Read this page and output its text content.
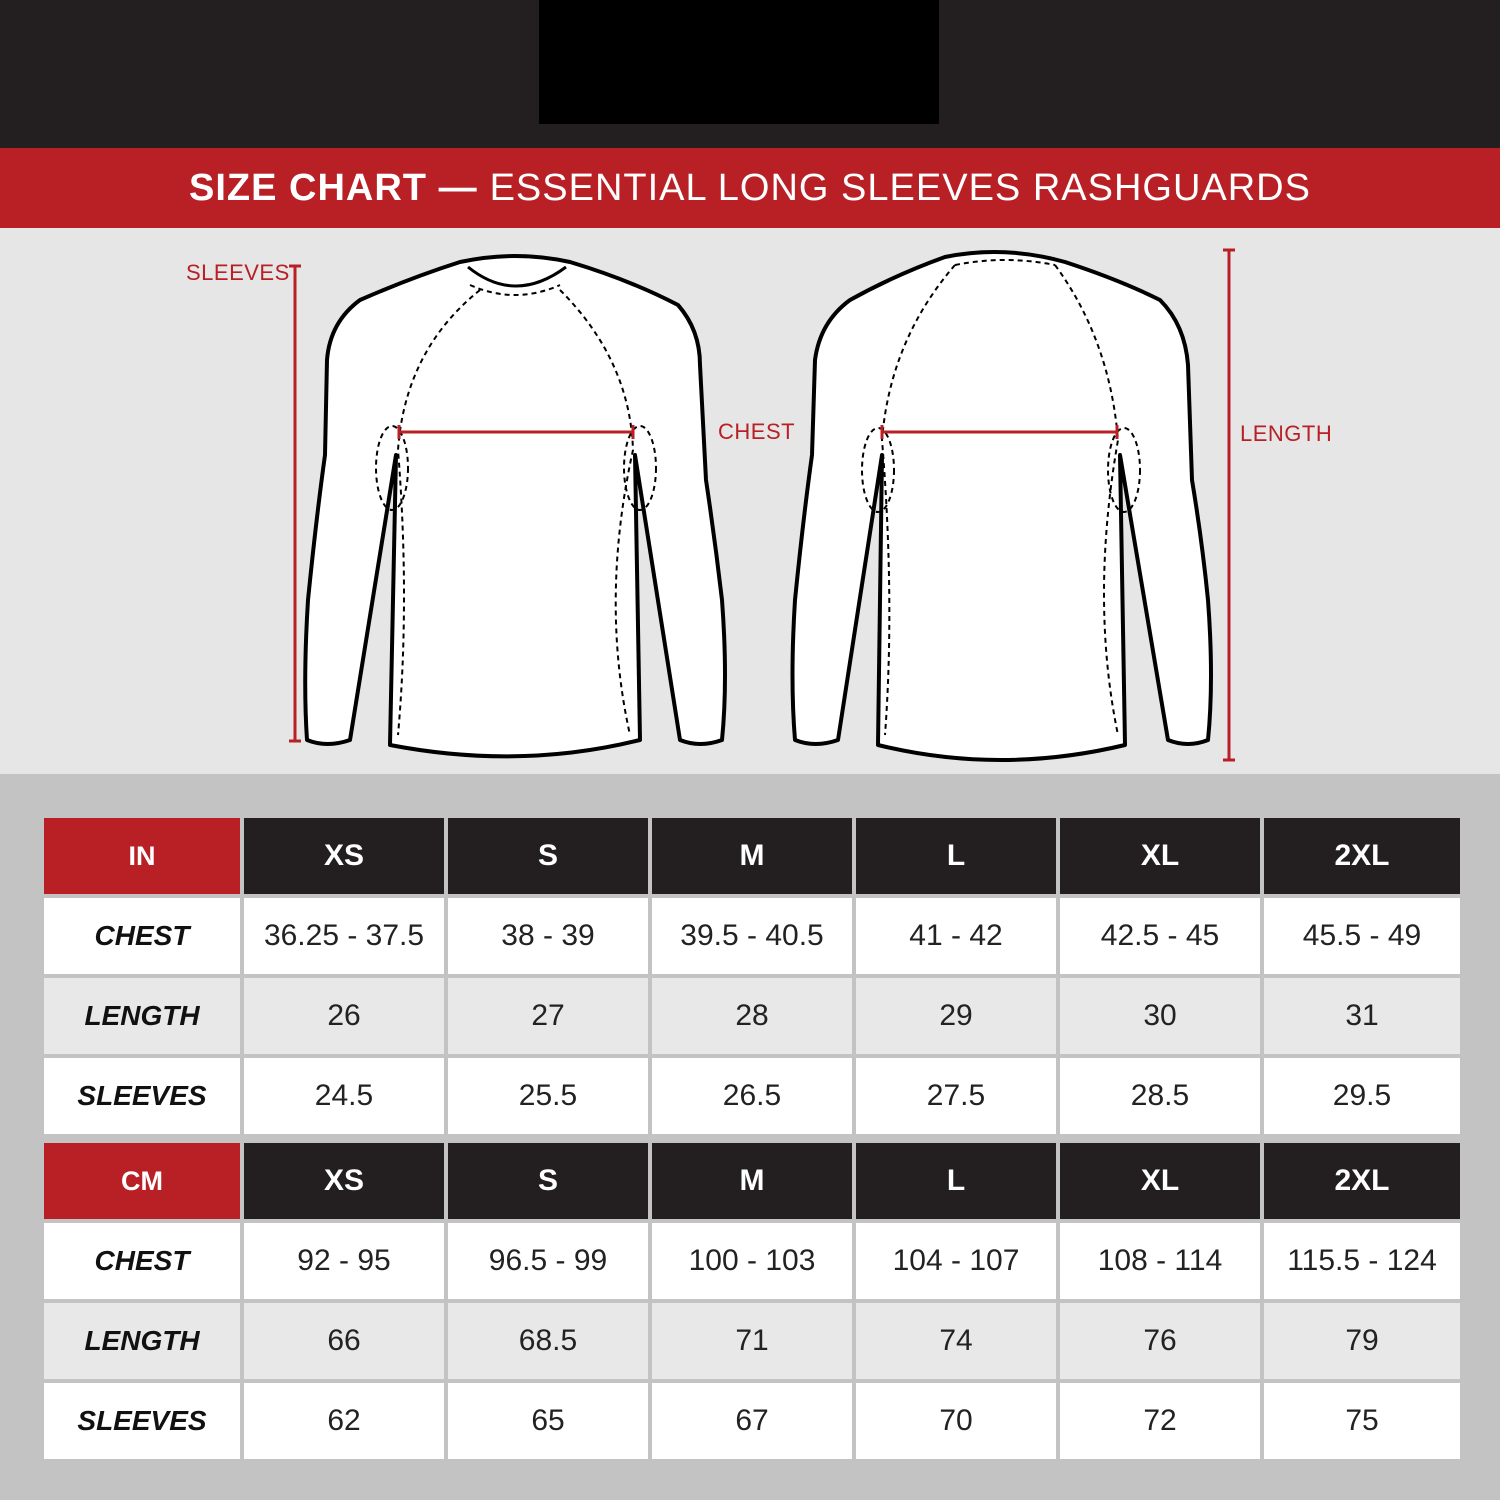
SIZE CHART — ESSENTIAL LONG SLEEVES RASHGUARDS
SLEEVES
CHEST	LENGTH
IN	XS	S	M	L	XL	2XL
CHEST	36.25 - 37.5	38 - 39	39.5 - 40.5	41 - 42	42.5 - 45	45.5 - 49
LENGTH	26	27	28	29	30	31
SLEEVES	24.5	25.5	26.5	27.5	28.5	29.5
CM	XS	S	M	L	XL	2XL
CHEST	92 - 95	96.5 - 99	100 - 103	104 - 107	108 - 114	115.5 - 124
LENGTH	66	68.5	71	74	76	79
SLEEVES	62	65	67	70	72	75
